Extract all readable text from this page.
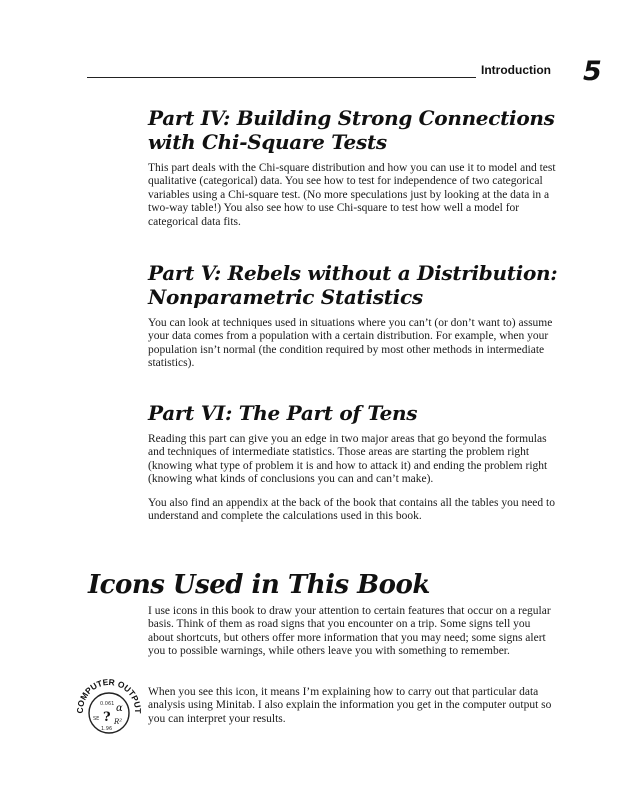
Introduction 5
Part IV: Building Strong Connections
with Chi-Square Tests

This part deals with the Chi-square distribution and how you can use it to model and test qualitative (categorical) data. You see how to test for independence of two categorical variables using a Chi-square test. (No more speculations just by looking at the data in a two-way table!) You also see how to use Chi-square to test how well a model for categorical data fits.

Part V: Rebels without a Distribution:
Nonparametric Statistics

You can look at techniques used in situations where you can’t (or don’t want to) assume your data comes from a population with a certain distribution. For example, when your population isn’t normal (the condition required by most other methods in intermediate statistics).

Part VI: The Part of Tens

Reading this part can give you an edge in two major areas that go beyond the formulas and techniques of intermediate statistics. Those areas are starting the problem right (knowing what type of problem it is and how to attack it) and ending the problem right (knowing what kinds of conclusions you can and can’t make).

You also find an appendix at the back of the book that contains all the tables you need to understand and complete the calculations used in this book.

Icons Used in This Book

I use icons in this book to draw your attention to certain features that occur on a regular basis. Think of them as road signs that you encounter on a trip. Some signs tell you about shortcuts, but others offer more information that you may need; some signs alert you to possible warnings, while others leave you with something to remember.

When you see this icon, it means I’m explaining how to carry out that particular data analysis using Minitab. I also explain the information you get in the computer output so you can interpret your results.

COMPUTER OUTPUT
0.061 α
? R²
SE
1.96
